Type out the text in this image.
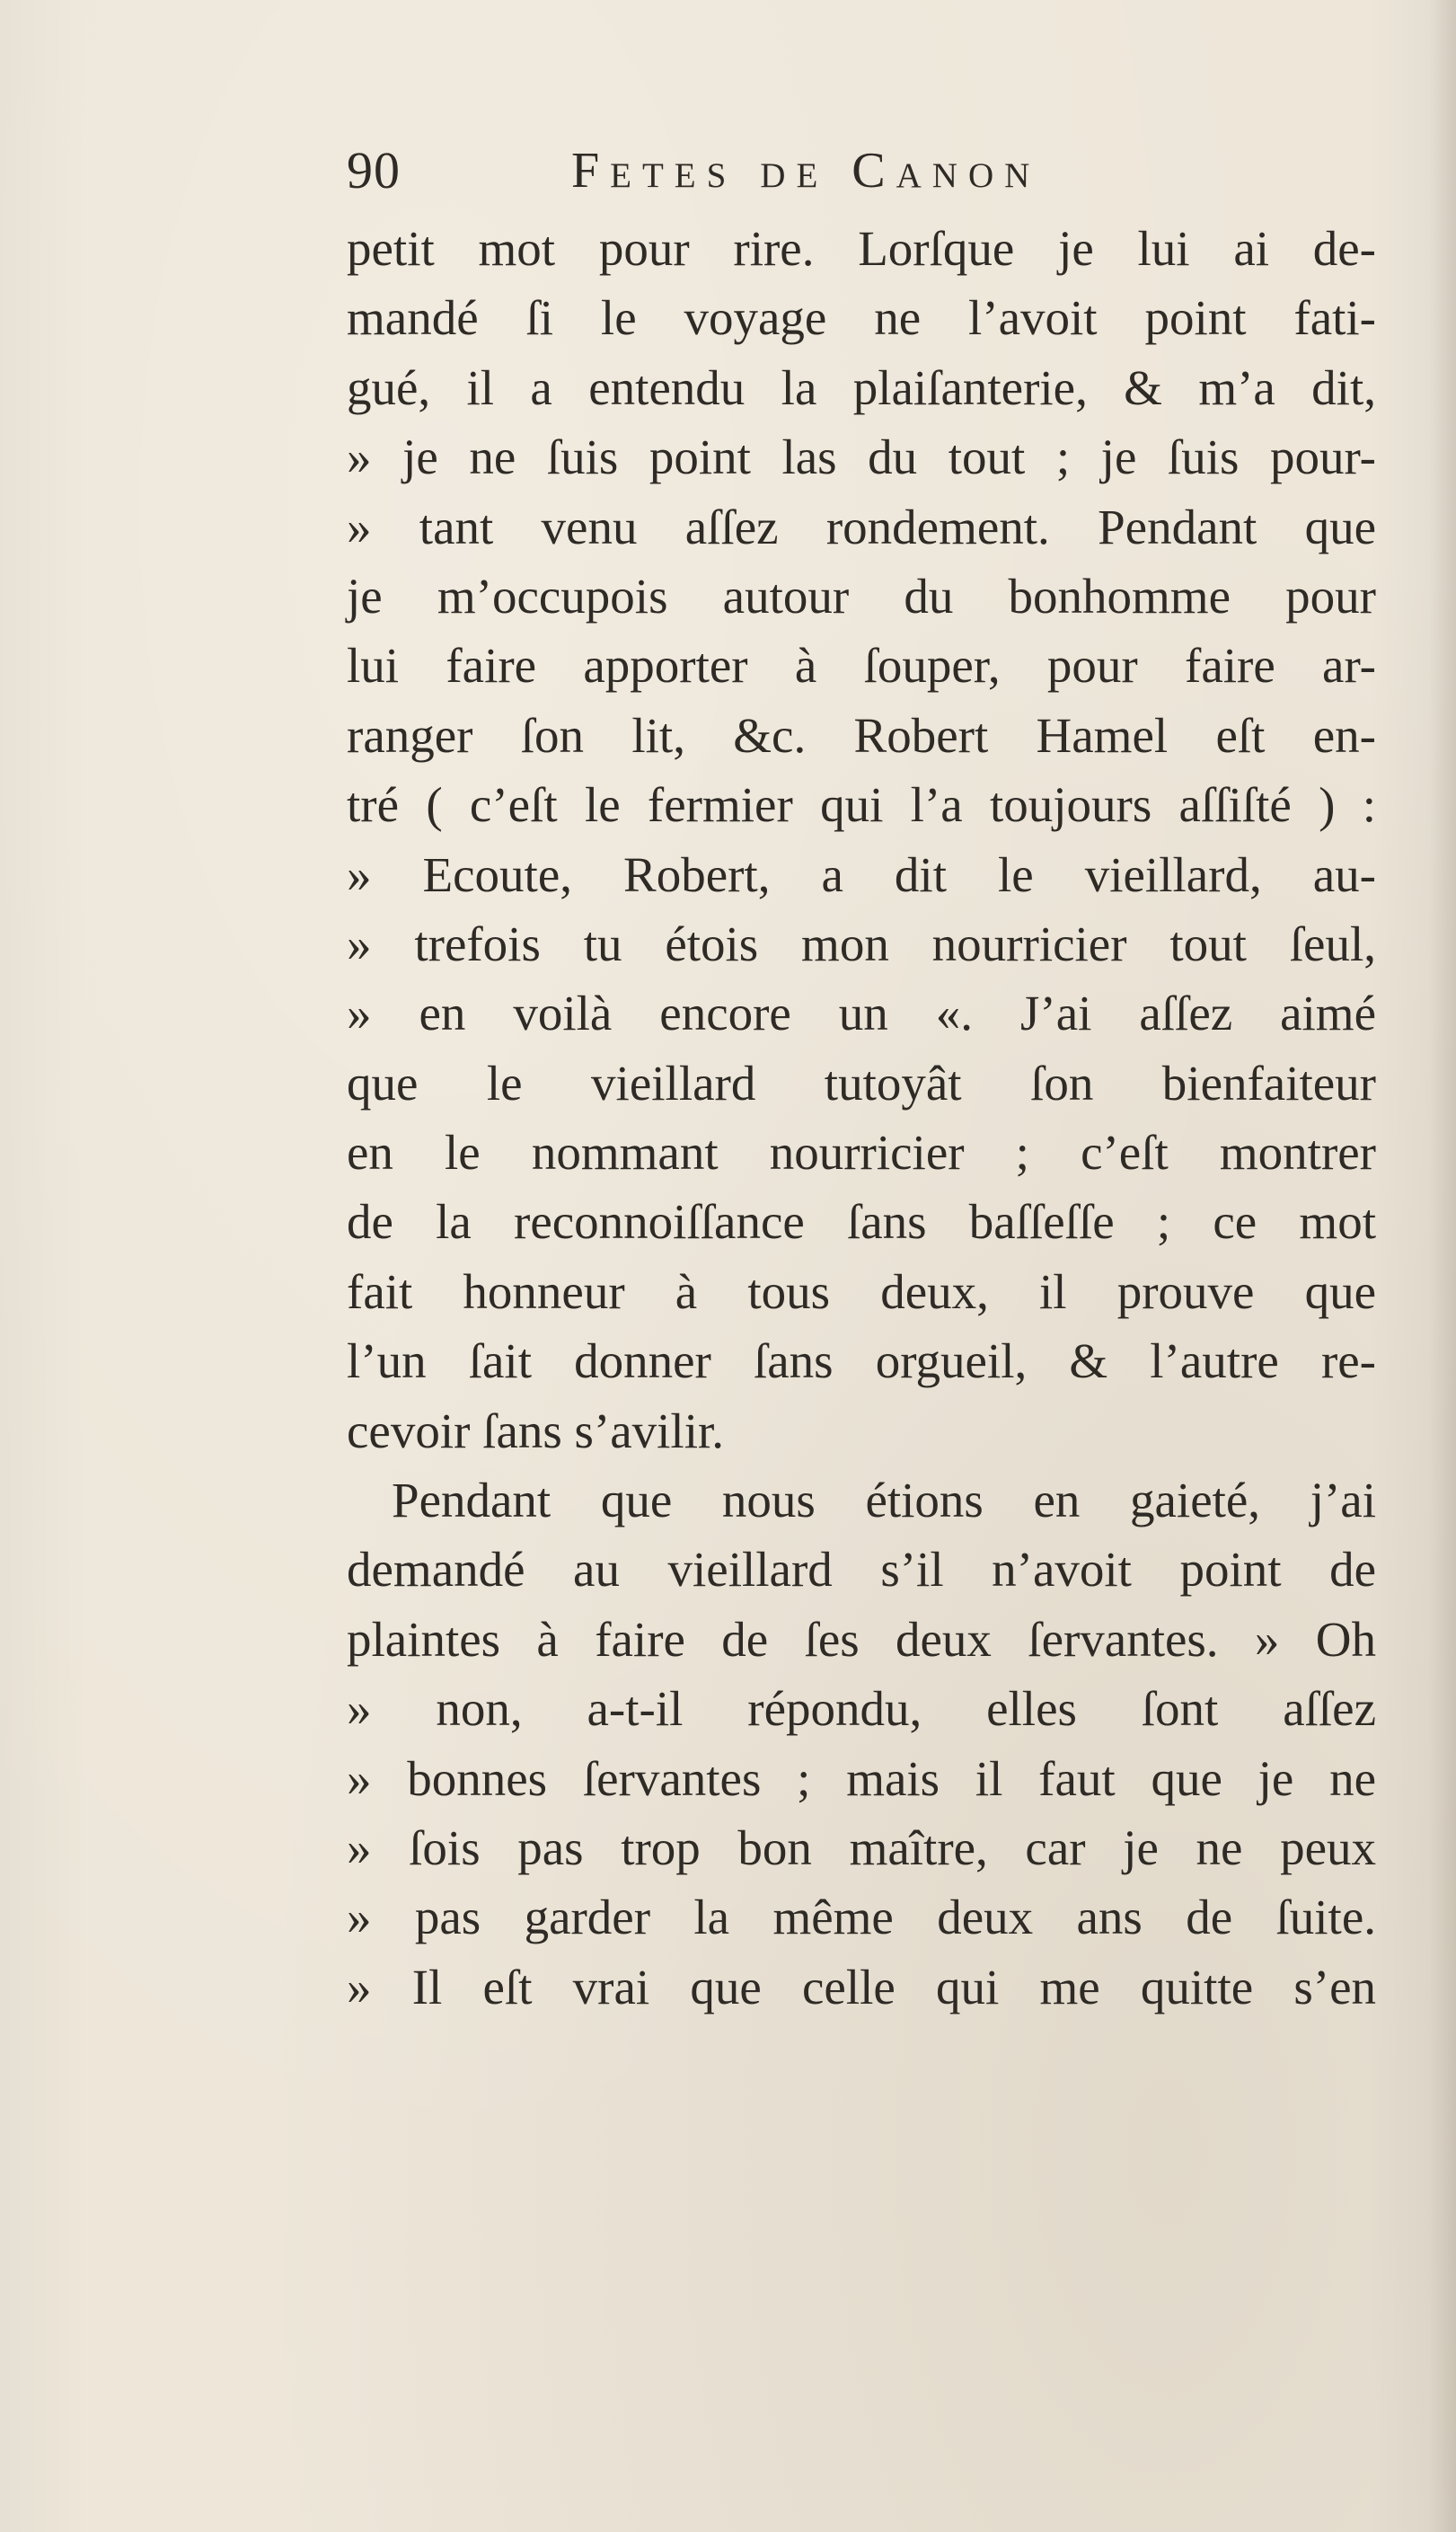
90	Fetes de Canon
petit mot pour rire. Lorſque je lui ai de-
mandé ſi le voyage ne l’avoit point fati-
gué, il a entendu la plaiſanterie, & m’a dit,
» je ne ſuis point las du tout ; je ſuis pour-
» tant venu aſſez rondement. Pendant que
je m’occupois autour du bonhomme pour
lui faire apporter à ſouper, pour faire ar-
ranger ſon lit, &c. Robert Hamel eſt en-
tré ( c’eſt le fermier qui l’a toujours aſſiſté ) :
» Ecoute, Robert, a dit le vieillard, au-
» trefois tu étois mon nourricier tout ſeul,
» en voilà encore un «. J’ai aſſez aimé
que le vieillard tutoyât ſon bienfaiteur
en le nommant nourricier ; c’eſt montrer
de la reconnoiſſance ſans baſſeſſe ; ce mot
fait honneur à tous deux, il prouve que
l’un ſait donner ſans orgueil, & l’autre re-
cevoir ſans s’avilir.
Pendant que nous étions en gaieté, j’ai
demandé au vieillard s’il n’avoit point de
plaintes à faire de ſes deux ſervantes. » Oh
» non, a-t-il répondu, elles ſont aſſez
» bonnes ſervantes ; mais il faut que je ne
» ſois pas trop bon maître, car je ne peux
» pas garder la même deux ans de ſuite.
» Il eſt vrai que celle qui me quitte s’en
